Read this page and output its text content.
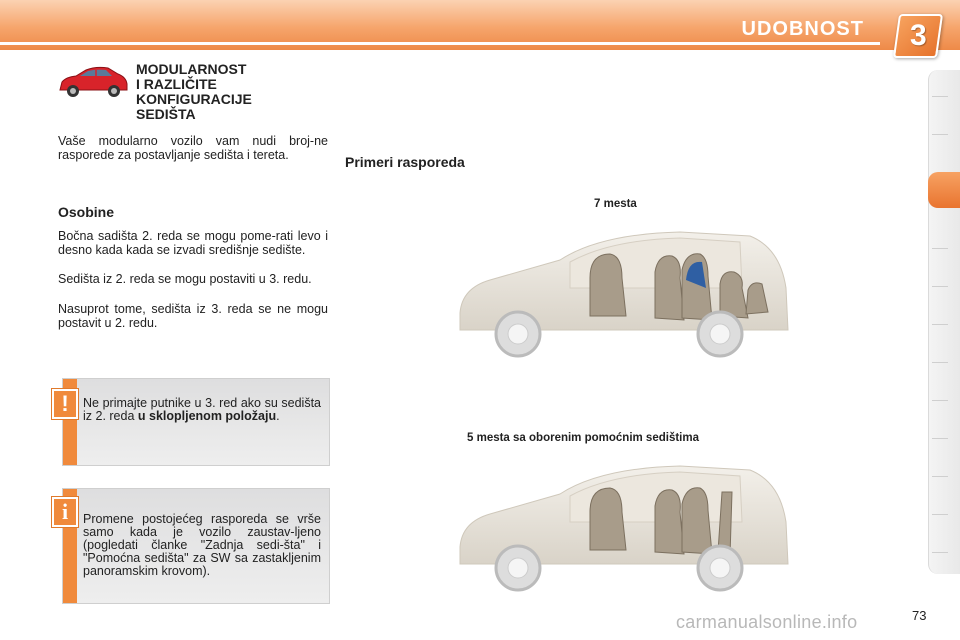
UDOBNOST 3
MODULARNOST
I RAZLIČITE
KONFIGURACIJE
SEDIŠTA
Vaše modularno vozilo vam nudi broj-ne rasporede za postavljanje sedišta i tereta.
Osobine
Bočna sadišta 2. reda se mogu pome-rati levo i desno kada kada se izvadi središnje sedište.
Sedišta iz 2. reda se mogu postaviti u 3. redu.
Nasuprot tome, sedišta iz 3. reda se ne mogu postavit u 2. redu.
Ne primajte putnike u 3. red ako su sedišta iz 2. reda u sklopljenom položaju.
!
Promene postojećeg rasporeda se vrše samo kada je vozilo zaustav-ljeno (pogledati članke "Zadnja sedi-šta" i "Pomoćna sedišta" za SW sa zastakljenim panoramskim krovom).
i
Primeri rasporeda
7 mesta
5 mesta sa oborenim pomoćnim sedištima
carmanualsonline.info	73
